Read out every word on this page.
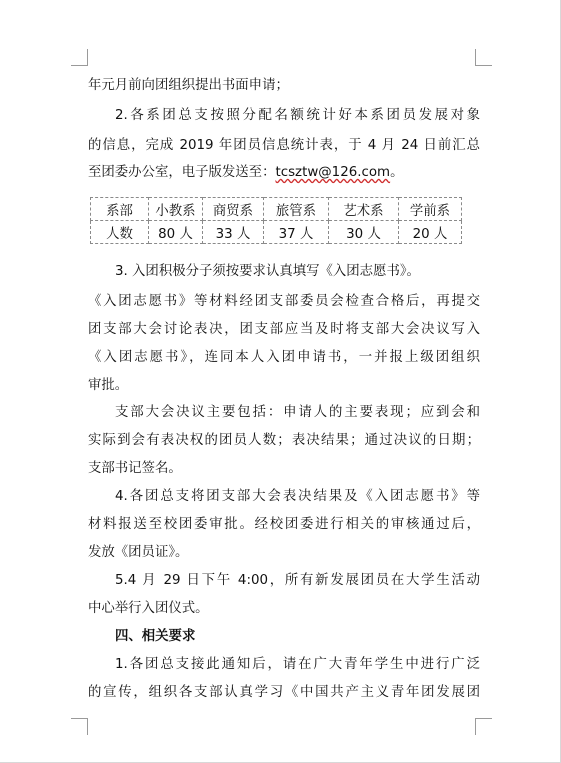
年元月前向团组织提出书面申请；
2.各系团总支按照分配名额统计好本系团员发展对象
的信息，完成 2019 年团员信息统计表，于 4 月 24 日前汇总
至团委办公室，电子版发送至：tcsztw@126.com。
系部	小教系	商贸系	旅管系	艺术系	学前系
人数	80 人	33 人	37 人	30 人	20 人
3. 入团积极分子须按要求认真填写《入团志愿书》。
《入团志愿书》等材料经团支部委员会检查合格后，再提交
团支部大会讨论表决，团支部应当及时将支部大会决议写入
《入团志愿书》，连同本人入团申请书，一并报上级团组织
审批。
支部大会决议主要包括：申请人的主要表现；应到会和
实际到会有表决权的团员人数；表决结果；通过决议的日期；
支部书记签名。
4.各团总支将团支部大会表决结果及《入团志愿书》等
材料报送至校团委审批。经校团委进行相关的审核通过后，
发放《团员证》。
5.4 月 29 日下午 4:00，所有新发展团员在大学生活动
中心举行入团仪式。
四、相关要求
1.各团总支接此通知后，请在广大青年学生中进行广泛
的宣传，组织各支部认真学习《中国共产主义青年团发展团
